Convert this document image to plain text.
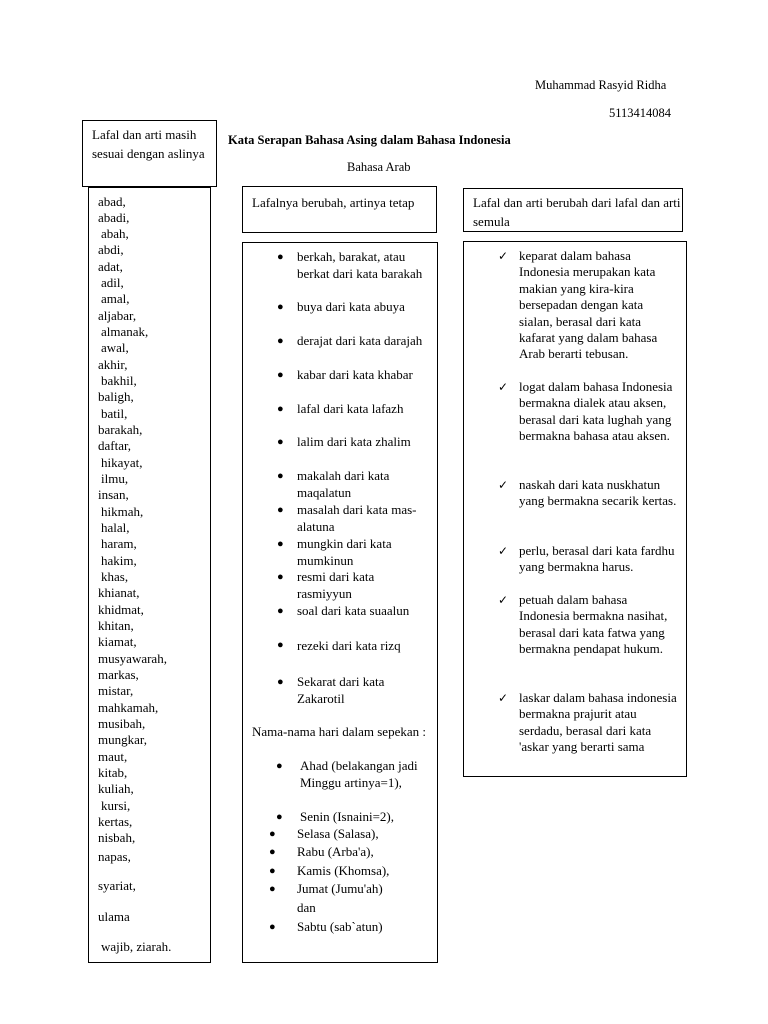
Muhammad Rasyid Ridha
5113414084
Kata Serapan Bahasa Asing dalam Bahasa Indonesia
Bahasa Arab
abad,
abadi,
abah,
abdi,
adat,
adil,
amal,
aljabar,
almanak,
awal,
akhir,
bakhil,
baligh,
batil,
barakah,
daftar,
hikayat,
ilmu,
insan,
hikmah,
halal,
haram,
hakim,
khas,
khianat,
khidmat,
khitan,
kiamat,
musyawarah,
markas,
mistar,
mahkamah,
musibah,
mungkar,
maut,
kitab,
kuliah,
kursi,
kertas,
nisbah,
napas,
syariat,
ulama
wajib, ziarah.
Lafal dan arti masih sesuai dengan aslinya
Lafalnya berubah, artinya tetap
● berkah, barakat, atau berkat dari kata barakah
● buya dari kata abuya
● derajat dari kata darajah
● kabar dari kata khabar
● lafal dari kata lafazh
● lalim dari kata zhalim
● makalah dari kata maqalatun
● masalah dari kata mas-alatuna
● mungkin dari kata mumkinun
● resmi dari kata rasmiyyun
● soal dari kata suaalun
● rezeki dari kata rizq
● Sekarat dari kata Zakarotil
Nama-nama hari dalam sepekan :
● Ahad (belakangan jadi Minggu artinya=1),
● Senin (Isnaini=2),
● Selasa (Salasa),
● Rabu (Arba'a),
● Kamis (Khomsa),
● Jumat (Jumu'ah)
dan
● Sabtu (sab`atun)
Lafal dan arti berubah dari lafal dan arti semula
✓ keparat dalam bahasa Indonesia merupakan kata makian yang kira-kira bersepadan dengan kata sialan, berasal dari kata kafarat yang dalam bahasa Arab berarti tebusan.
✓ logat dalam bahasa Indonesia bermakna dialek atau aksen, berasal dari kata lughah yang bermakna bahasa atau aksen.
✓ naskah dari kata nuskhatun yang bermakna secarik kertas.
✓ perlu, berasal dari kata fardhu yang bermakna harus.
✓ petuah dalam bahasa Indonesia bermakna nasihat, berasal dari kata fatwa yang bermakna pendapat hukum.
✓ laskar dalam bahasa indonesia bermakna prajurit atau serdadu, berasal dari kata 'askar yang berarti sama
